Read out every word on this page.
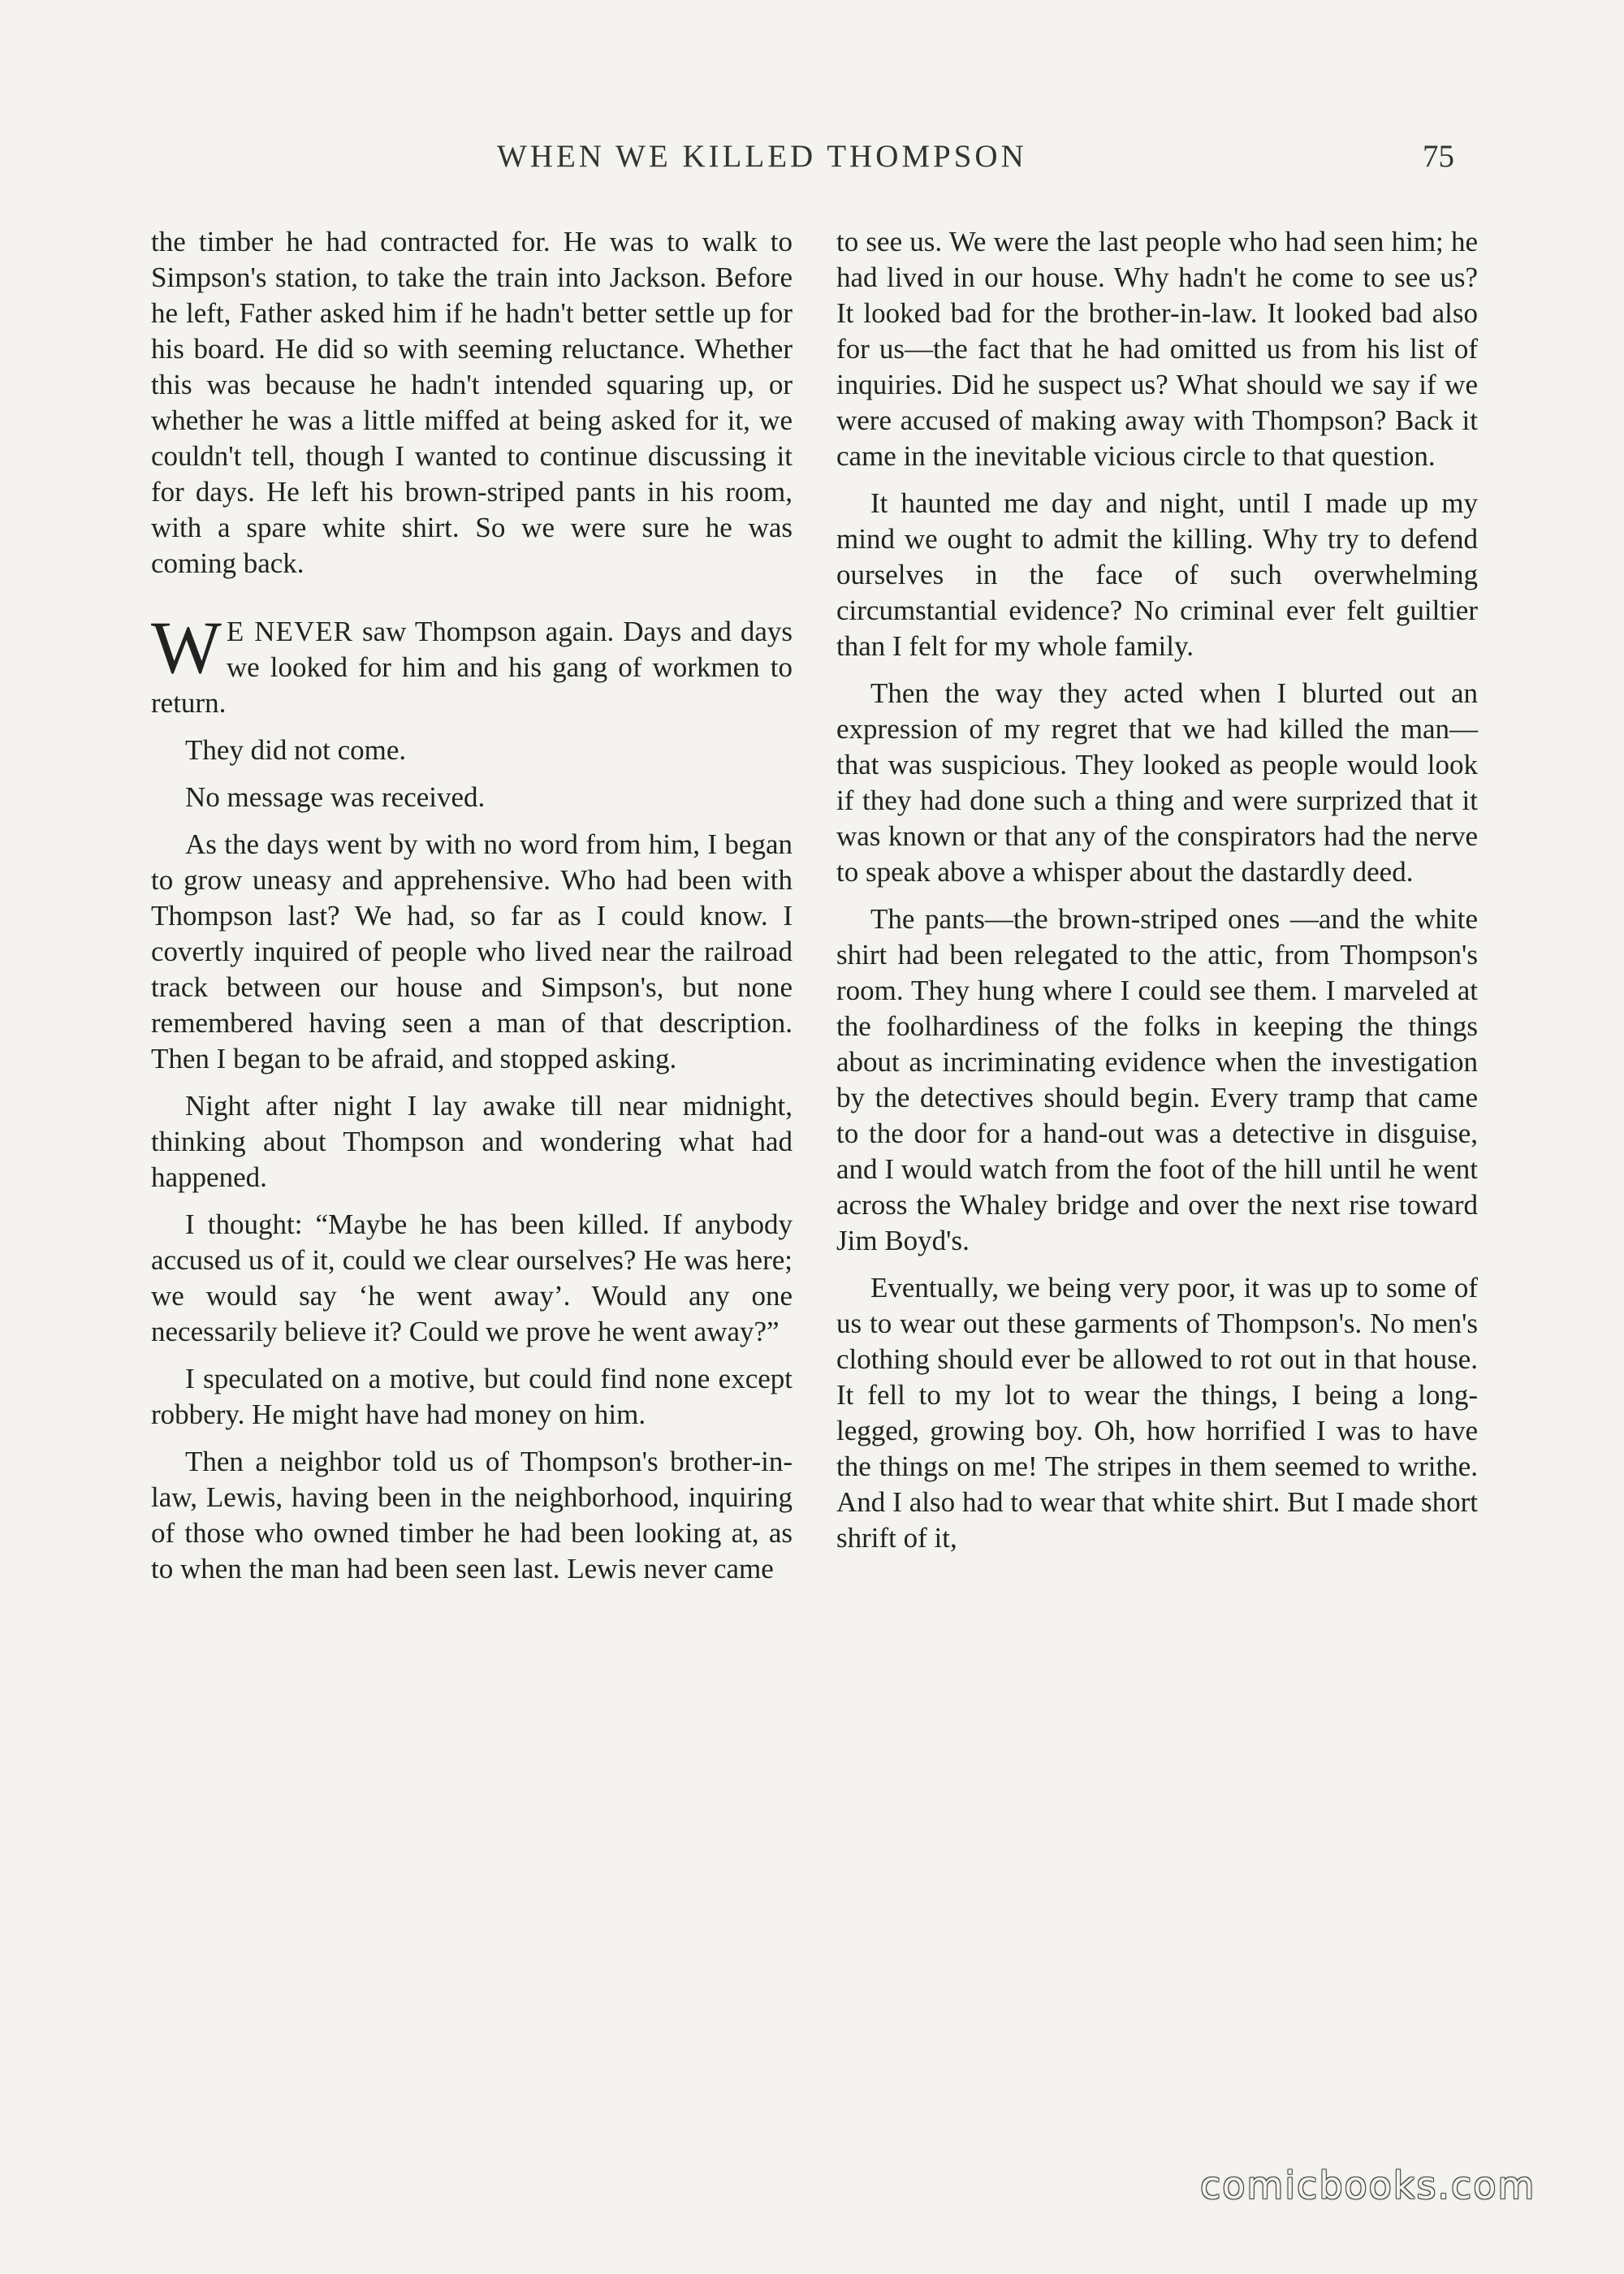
WHEN WE KILLED THOMPSON	75

the timber he had contracted for. He was to walk to Simpson's station, to take the train into Jackson. Before he left, Father asked him if he hadn't better settle up for his board. He did so with seeming reluctance. Whether this was because he hadn't intended squaring up, or whether he was a little miffed at being asked for it, we couldn't tell, though I wanted to continue discussing it for days. He left his brown-striped pants in his room, with a spare white shirt. So we were sure he was coming back.

W E NEVER saw Thompson again. Days and days we looked for him and his gang of workmen to return.

They did not come.

No message was received.

As the days went by with no word from him, I began to grow uneasy and apprehensive. Who had been with Thompson last? We had, so far as I could know. I covertly inquired of people who lived near the railroad track between our house and Simpson's, but none remembered having seen a man of that description. Then I began to be afraid, and stopped asking.

Night after night I lay awake till near midnight, thinking about Thompson and wondering what had happened.

I thought: “Maybe he has been killed. If anybody accused us of it, could we clear ourselves? He was here; we would say ‘he went away’. Would any one necessarily believe it? Could we prove he went away?”

I speculated on a motive, but could find none except robbery. He might have had money on him.

Then a neighbor told us of Thompson's brother-in-law, Lewis, having been in the neighborhood, inquiring of those who owned timber he had been looking at, as to when the man had been seen last. Lewis never came

to see us. We were the last people who had seen him; he had lived in our house. Why hadn't he come to see us? It looked bad for the brother-in-law. It looked bad also for us—the fact that he had omitted us from his list of inquiries. Did he suspect us? What should we say if we were accused of making away with Thompson? Back it came in the inevitable vicious circle to that question.

It haunted me day and night, until I made up my mind we ought to admit the killing. Why try to defend ourselves in the face of such overwhelming circumstantial evidence? No criminal ever felt guiltier than I felt for my whole family.

Then the way they acted when I blurted out an expression of my regret that we had killed the man—that was suspicious. They looked as people would look if they had done such a thing and were surprized that it was known or that any of the conspirators had the nerve to speak above a whisper about the dastardly deed.

The pants—the brown-striped ones —and the white shirt had been relegated to the attic, from Thompson's room. They hung where I could see them. I marveled at the foolhardiness of the folks in keeping the things about as incriminating evidence when the investigation by the detectives should begin. Every tramp that came to the door for a hand-out was a detective in disguise, and I would watch from the foot of the hill until he went across the Whaley bridge and over the next rise toward Jim Boyd's.

Eventually, we being very poor, it was up to some of us to wear out these garments of Thompson's. No men's clothing should ever be allowed to rot out in that house. It fell to my lot to wear the things, I being a long-legged, growing boy. Oh, how horrified I was to have the things on me! The stripes in them seemed to writhe. And I also had to wear that white shirt. But I made short shrift of it,

comicbooks.com
